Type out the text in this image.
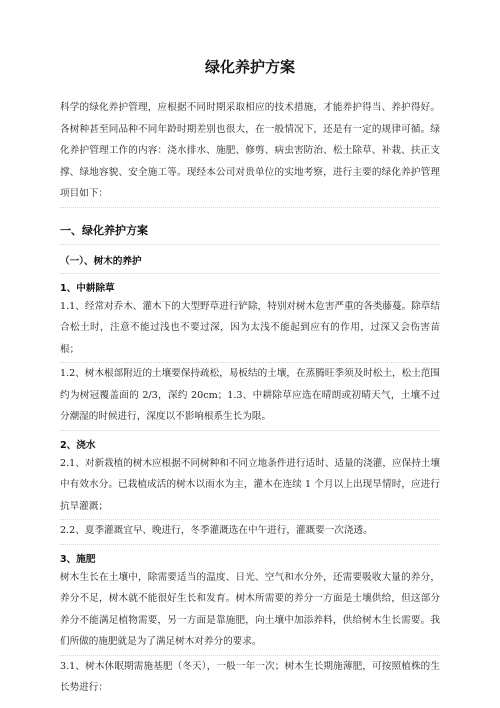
绿化养护方案

科学的绿化养护管理，应根据不同时期采取相应的技术措施，才能养护得当、养护得好。各树种甚至同品种不同年龄时期差别也很大，在一般情况下，还是有一定的规律可循。绿化养护管理工作的内容：浇水排水、施肥、修剪、病虫害防治、松土除草、补栽、扶正支撑、绿地容貌、安全施工等。现经本公司对贵单位的实地考察，进行主要的绿化养护管理项目如下：

一、绿化养护方案
（一）、树木的养护
1、中耕除草

1.1、经常对乔木、灌木下的大型野草进行铲除，特别对树木危害严重的各类藤蔓。除草结合松土时，注意不能过浅也不要过深，因为太浅不能起到应有的作用，过深又会伤害苗根；

1.2、树木根部附近的土壤要保持疏松，易板结的土壤，在蒸腾旺季须及时松土，松土范围约为树冠覆盖面的 2/3，深约 20cm；1.3、中耕除草应选在晴朗或初晴天气，土壤不过分潮湿的时候进行，深度以不影响根系生长为限。

2、浇水

2.1、对新栽植的树木应根据不同树种和不同立地条件进行适时、适量的浇灌，应保持土壤中有效水分。已栽植成活的树木以雨水为主，灌木在连续 1 个月以上出现旱情时，应进行抗旱灌溉；

2.2、夏季灌溉宜早、晚进行，冬季灌溉选在中午进行，灌溉要一次浇透。

3、施肥

树木生长在土壤中，除需要适当的温度、日光、空气和水分外，还需要吸收大量的养分，养分不足，树木就不能很好生长和发育。树木所需要的养分一方面是土壤供给，但这部分养分不能满足植物需要，另一方面是靠施肥，向土壤中加添养料，供给树木生长需要。我们所做的施肥就是为了满足树木对养分的要求。

3.1、树木休眠期需施基肥（冬天），一般一年一次；树木生长期施薄肥，可按照植株的生长势进行：
